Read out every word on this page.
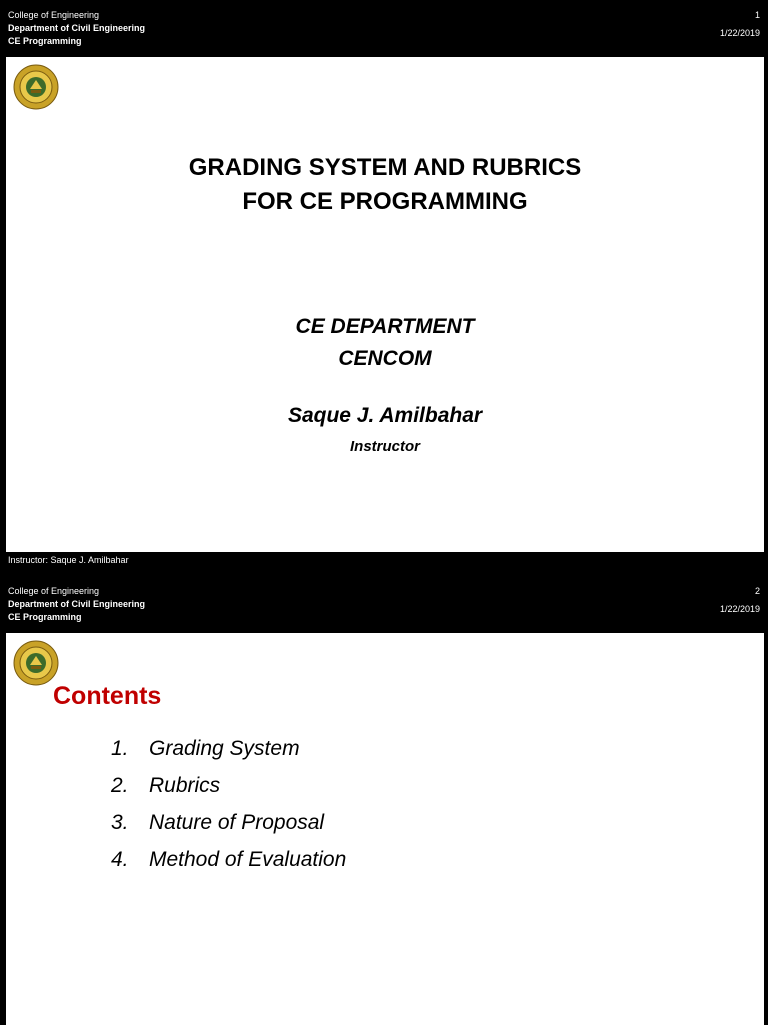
College of Engineering
Department of Civil Engineering
CE Programming
1
1/22/2019
GRADING SYSTEM AND RUBRICS
FOR CE PROGRAMMING
CE DEPARTMENT
CENCOM
Saque J. Amilbahar
Instructor
Instructor: Saque J. Amilbahar
College of Engineering
Department of Civil Engineering
CE Programming
2
1/22/2019
Contents
1. Grading System
2. Rubrics
3. Nature of Proposal
4. Method of Evaluation
